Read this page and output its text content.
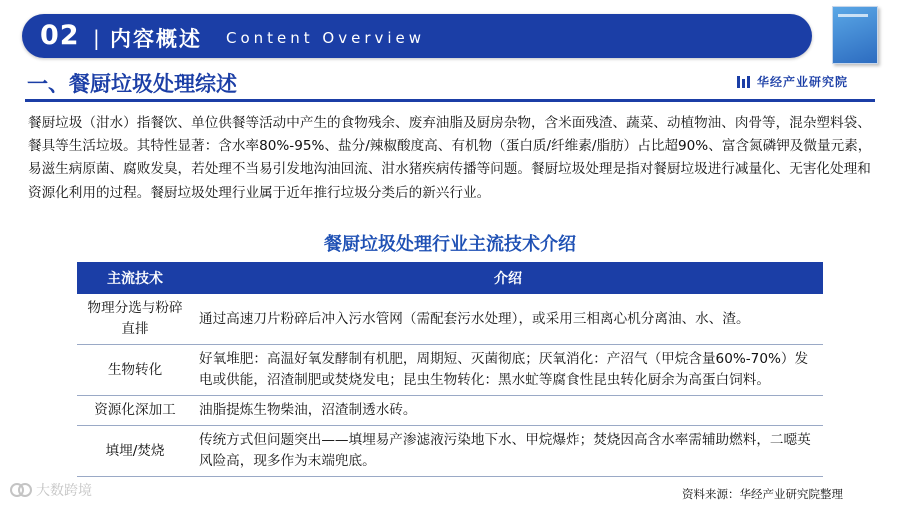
02 | 内容概述 Content Overview
一、餐厨垃圾处理综述	华经产业研究院
餐厨垃圾（泔水）指餐饮、单位供餐等活动中产生的食物残余、废弃油脂及厨房杂物，含米面残渣、蔬菜、动植物油、肉骨等，混杂塑料袋、餐具等生活垃圾。其特性显著：含水率80%-95%、盐分/辣椒酸度高、有机物（蛋白质/纤维素/脂肪）占比超90%、富含氮磷钾及微量元素，易滋生病原菌、腐败发臭，若处理不当易引发地沟油回流、泔水猪疾病传播等问题。餐厨垃圾处理是指对餐厨垃圾进行减量化、无害化处理和资源化利用的过程。餐厨垃圾处理行业属于近年推行垃圾分类后的新兴行业。
餐厨垃圾处理行业主流技术介绍
主流技术	介绍
物理分选与粉碎直排	通过高速刀片粉碎后冲入污水管网（需配套污水处理），或采用三相离心机分离油、水、渣。
生物转化	好氧堆肥：高温好氧发酵制有机肥，周期短、灭菌彻底；厌氧消化：产沼气（甲烷含量60%-70%）发电或供能，沼渣制肥或焚烧发电；昆虫生物转化：黑水虻等腐食性昆虫转化厨余为高蛋白饲料。
资源化深加工	油脂提炼生物柴油，沼渣制透水砖。
填埋/焚烧	传统方式但问题突出——填埋易产渗滤液污染地下水、甲烷爆炸；焚烧因高含水率需辅助燃料，二噁英风险高，现多作为末端兜底。
资料来源：华经产业研究院整理
大数跨境
